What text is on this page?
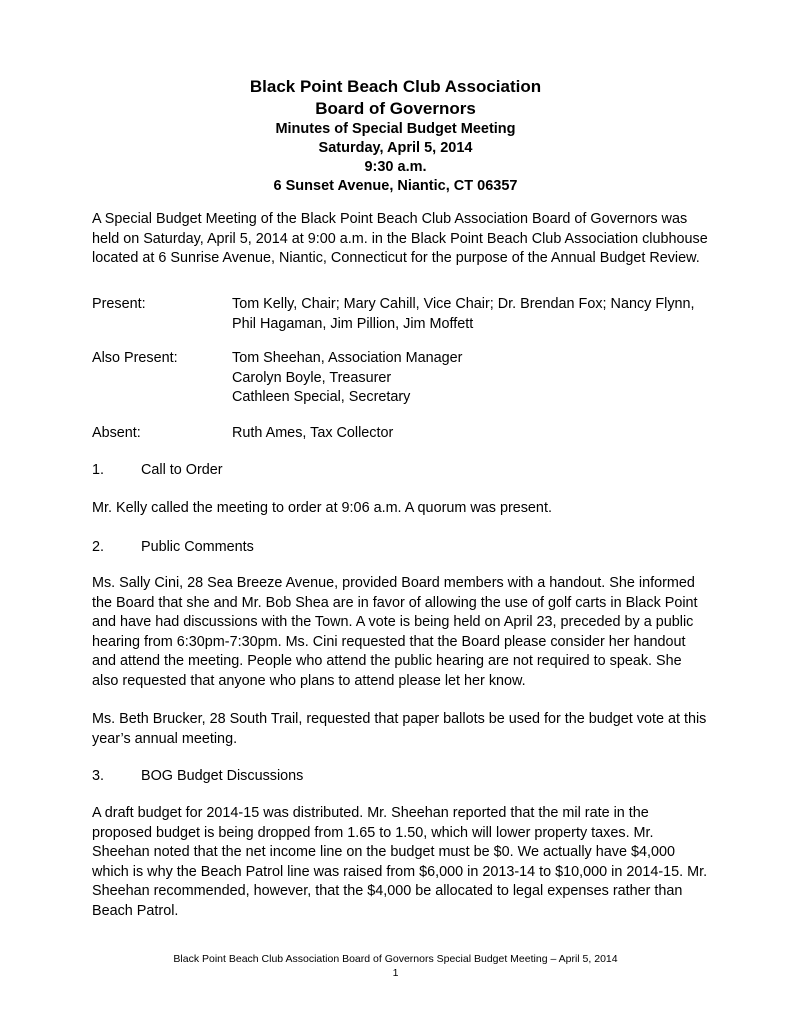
Black Point Beach Club Association
Board of Governors
Minutes of Special Budget Meeting
Saturday, April 5, 2014
9:30 a.m.
6 Sunset Avenue, Niantic, CT 06357

A Special Budget Meeting of the Black Point Beach Club Association Board of Governors was held on Saturday, April 5, 2014 at 9:00 a.m. in the Black Point Beach Club Association clubhouse located at 6 Sunrise Avenue, Niantic, Connecticut for the purpose of the Annual Budget Review.

Present:	Tom Kelly, Chair; Mary Cahill, Vice Chair; Dr. Brendan Fox; Nancy Flynn, Phil Hagaman, Jim Pillion, Jim Moffett
Also Present:	Tom Sheehan, Association Manager
Carolyn Boyle, Treasurer
Cathleen Special, Secretary
Absent:	Ruth Ames, Tax Collector
1.	Call to Order

Mr. Kelly called the meeting to order at 9:06 a.m. A quorum was present.

2.	Public Comments

Ms. Sally Cini, 28 Sea Breeze Avenue, provided Board members with a handout. She informed the Board that she and Mr. Bob Shea are in favor of allowing the use of golf carts in Black Point and have had discussions with the Town. A vote is being held on April 23, preceded by a public hearing from 6:30pm-7:30pm. Ms. Cini requested that the Board please consider her handout and attend the meeting. People who attend the public hearing are not required to speak. She also requested that anyone who plans to attend please let her know.

Ms. Beth Brucker, 28 South Trail, requested that paper ballots be used for the budget vote at this year’s annual meeting.

3.	BOG Budget Discussions

A draft budget for 2014-15 was distributed. Mr. Sheehan reported that the mil rate in the proposed budget is being dropped from 1.65 to 1.50, which will lower property taxes. Mr. Sheehan noted that the net income line on the budget must be $0. We actually have $4,000 which is why the Beach Patrol line was raised from $6,000 in 2013-14 to $10,000 in 2014-15. Mr. Sheehan recommended, however, that the $4,000 be allocated to legal expenses rather than Beach Patrol.

Black Point Beach Club Association Board of Governors Special Budget Meeting – April 5, 2014
1
